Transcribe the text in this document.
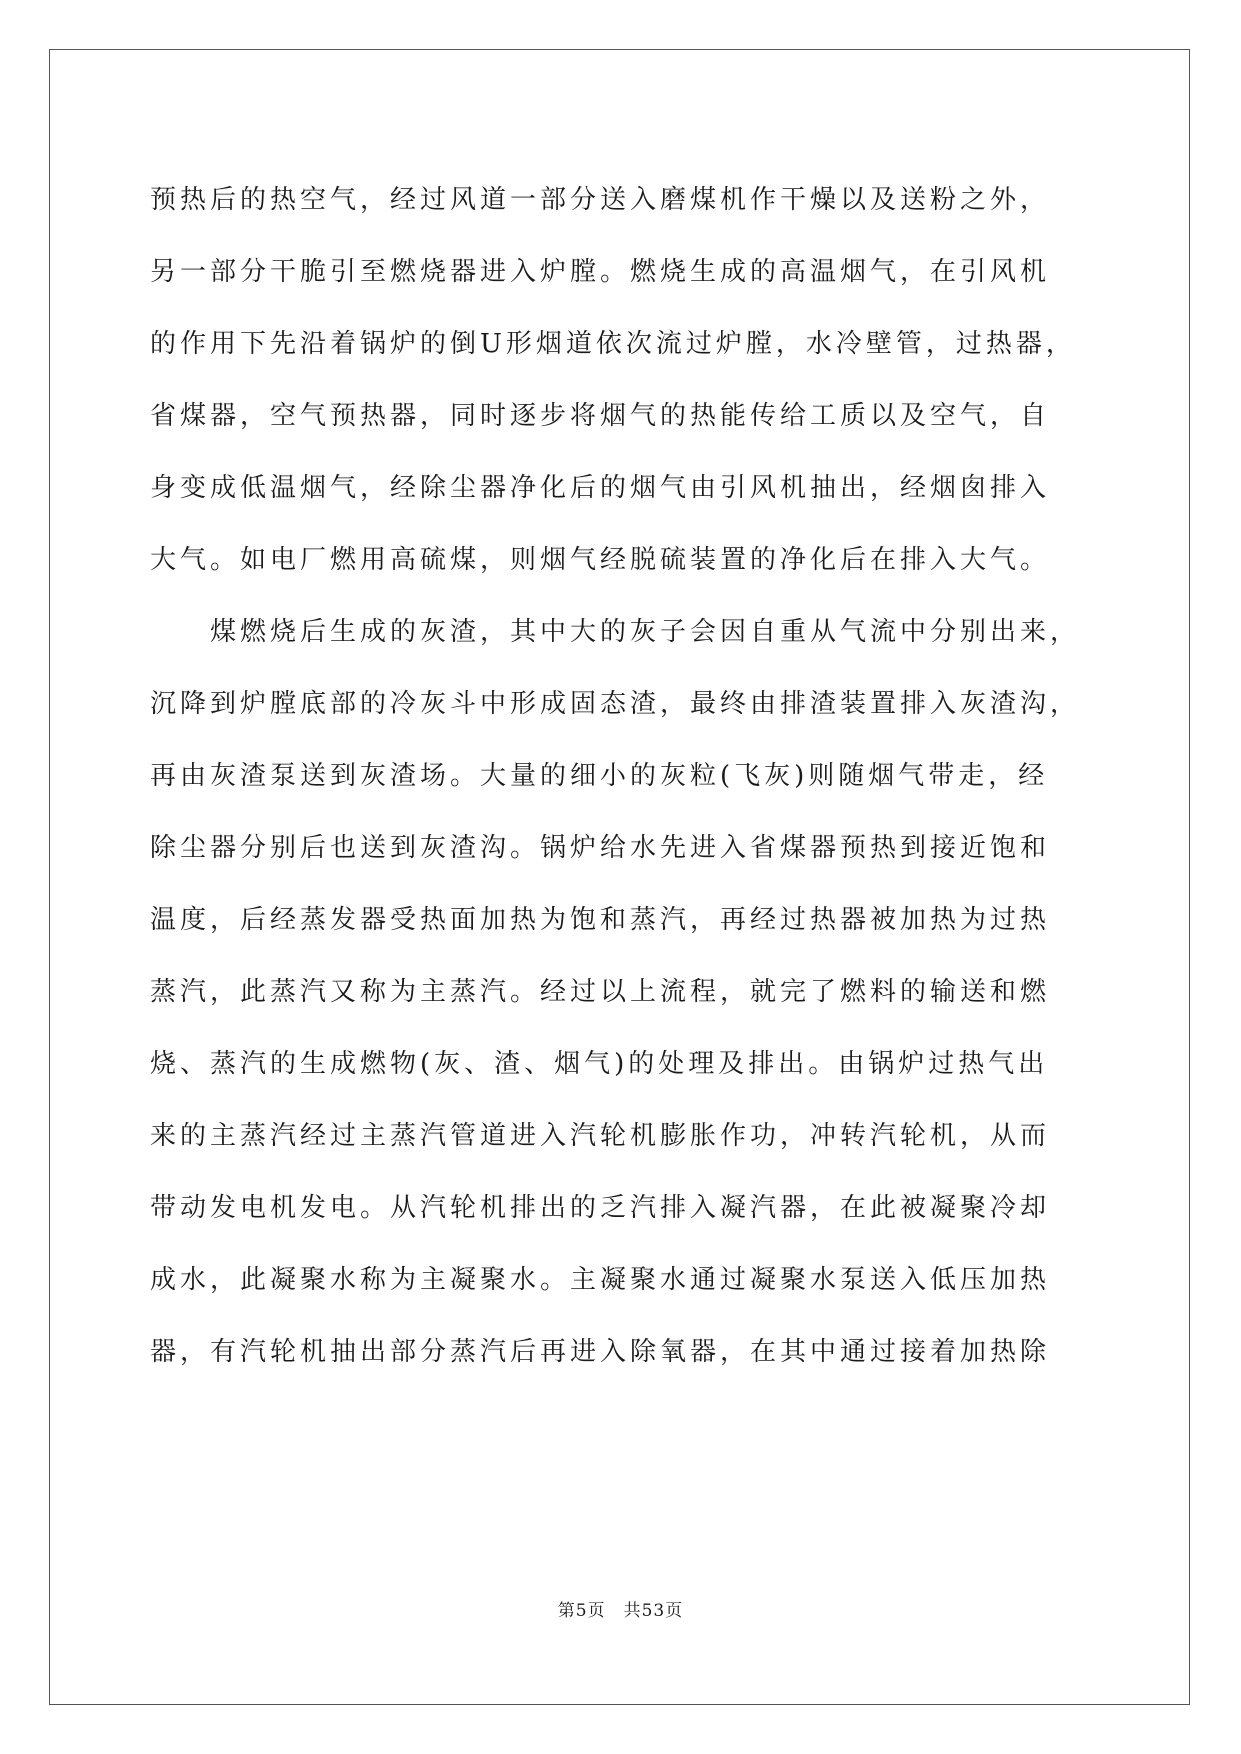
预热后的热空气，经过风道一部分送入磨煤机作干燥以及送粉之外，
另一部分干脆引至燃烧器进入炉膛。燃烧生成的高温烟气，在引风机
的作用下先沿着锅炉的倒U形烟道依次流过炉膛，水冷壁管，过热器，
省煤器，空气预热器，同时逐步将烟气的热能传给工质以及空气，自
身变成低温烟气，经除尘器净化后的烟气由引风机抽出，经烟囱排入
大气。如电厂燃用高硫煤，则烟气经脱硫装置的净化后在排入大气。
煤燃烧后生成的灰渣，其中大的灰子会因自重从气流中分别出来，
沉降到炉膛底部的冷灰斗中形成固态渣，最终由排渣装置排入灰渣沟，
再由灰渣泵送到灰渣场。大量的细小的灰粒(飞灰)则随烟气带走，经
除尘器分别后也送到灰渣沟。锅炉给水先进入省煤器预热到接近饱和
温度，后经蒸发器受热面加热为饱和蒸汽，再经过热器被加热为过热
蒸汽，此蒸汽又称为主蒸汽。经过以上流程，就完了燃料的输送和燃
烧、蒸汽的生成燃物(灰、渣、烟气)的处理及排出。由锅炉过热气出
来的主蒸汽经过主蒸汽管道进入汽轮机膨胀作功，冲转汽轮机，从而
带动发电机发电。从汽轮机排出的乏汽排入凝汽器，在此被凝聚冷却
成水，此凝聚水称为主凝聚水。主凝聚水通过凝聚水泵送入低压加热
器，有汽轮机抽出部分蒸汽后再进入除氧器，在其中通过接着加热除
第5页　共53页
